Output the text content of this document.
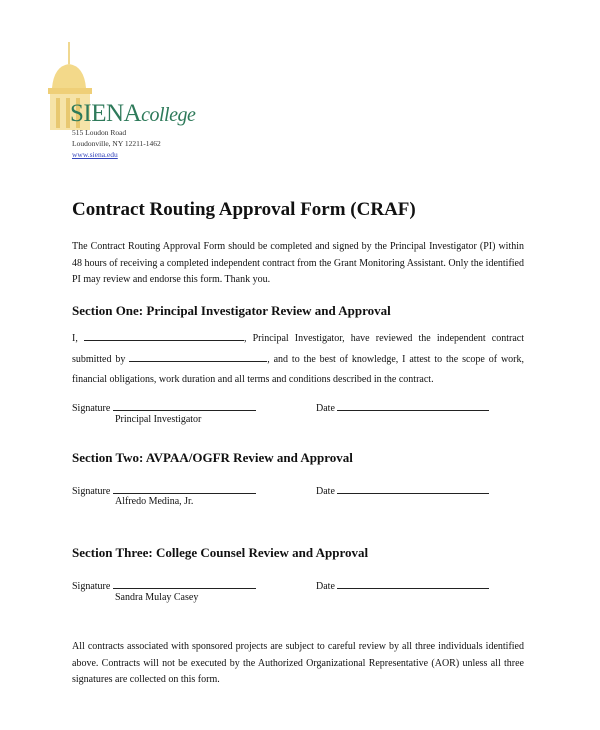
SIENAcollege
515 Loudon Road
Loudonville, NY 12211-1462
www.siena.edu
Contract Routing Approval Form (CRAF)
The Contract Routing Approval Form should be completed and signed by the Principal Investigator (PI) within 48 hours of receiving a completed independent contract from the Grant Monitoring Assistant. Only the identified PI may review and endorse this form. Thank you.
Section One: Principal Investigator Review and Approval
I,	, Principal Investigator, have reviewed the independent contract submitted by	, and to the best of knowledge, I attest to the scope of work, financial obligations, work duration and all terms and conditions described in the contract.
Signature	Date
Principal Investigator
Section Two: AVPAA/OGFR Review and Approval
Signature	Date
Alfredo Medina, Jr.
Section Three: College Counsel Review and Approval
Signature	Date
Sandra Mulay Casey
All contracts associated with sponsored projects are subject to careful review by all three individuals identified above. Contracts will not be executed by the Authorized Organizational Representative (AOR) unless all three signatures are collected on this form.
